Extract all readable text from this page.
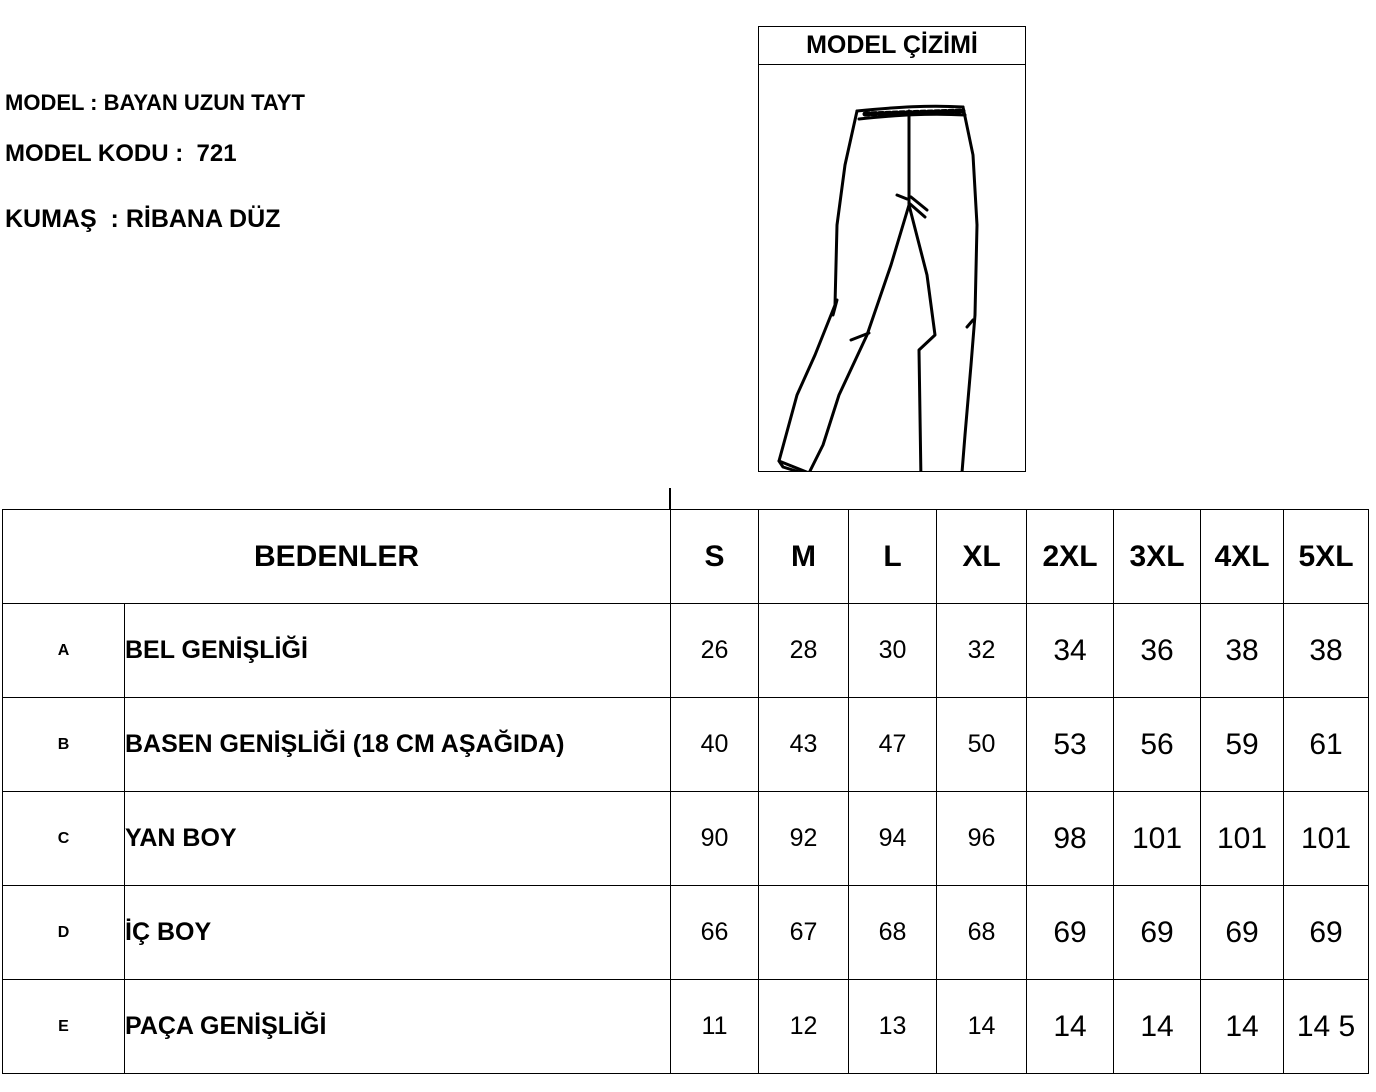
MODEL : BAYAN UZUN TAYT
MODEL KODU :  721
KUMAŞ  : RİBANA DÜZ
MODEL ÇİZİMİ
BEDENLER		S	M	L	XL	2XL	3XL	4XL	5XL
A	BEL GENİŞLİĞİ	26	28	30	32	34	36	38	38
B	BASEN GENİŞLİĞİ (18 CM AŞAĞIDA)	40	43	47	50	53	56	59	61
C	YAN BOY	90	92	94	96	98	101	101	101
D	İÇ BOY	66	67	68	68	69	69	69	69
E	PAÇA GENİŞLİĞİ	11	12	13	14	14	14	14	14 5
